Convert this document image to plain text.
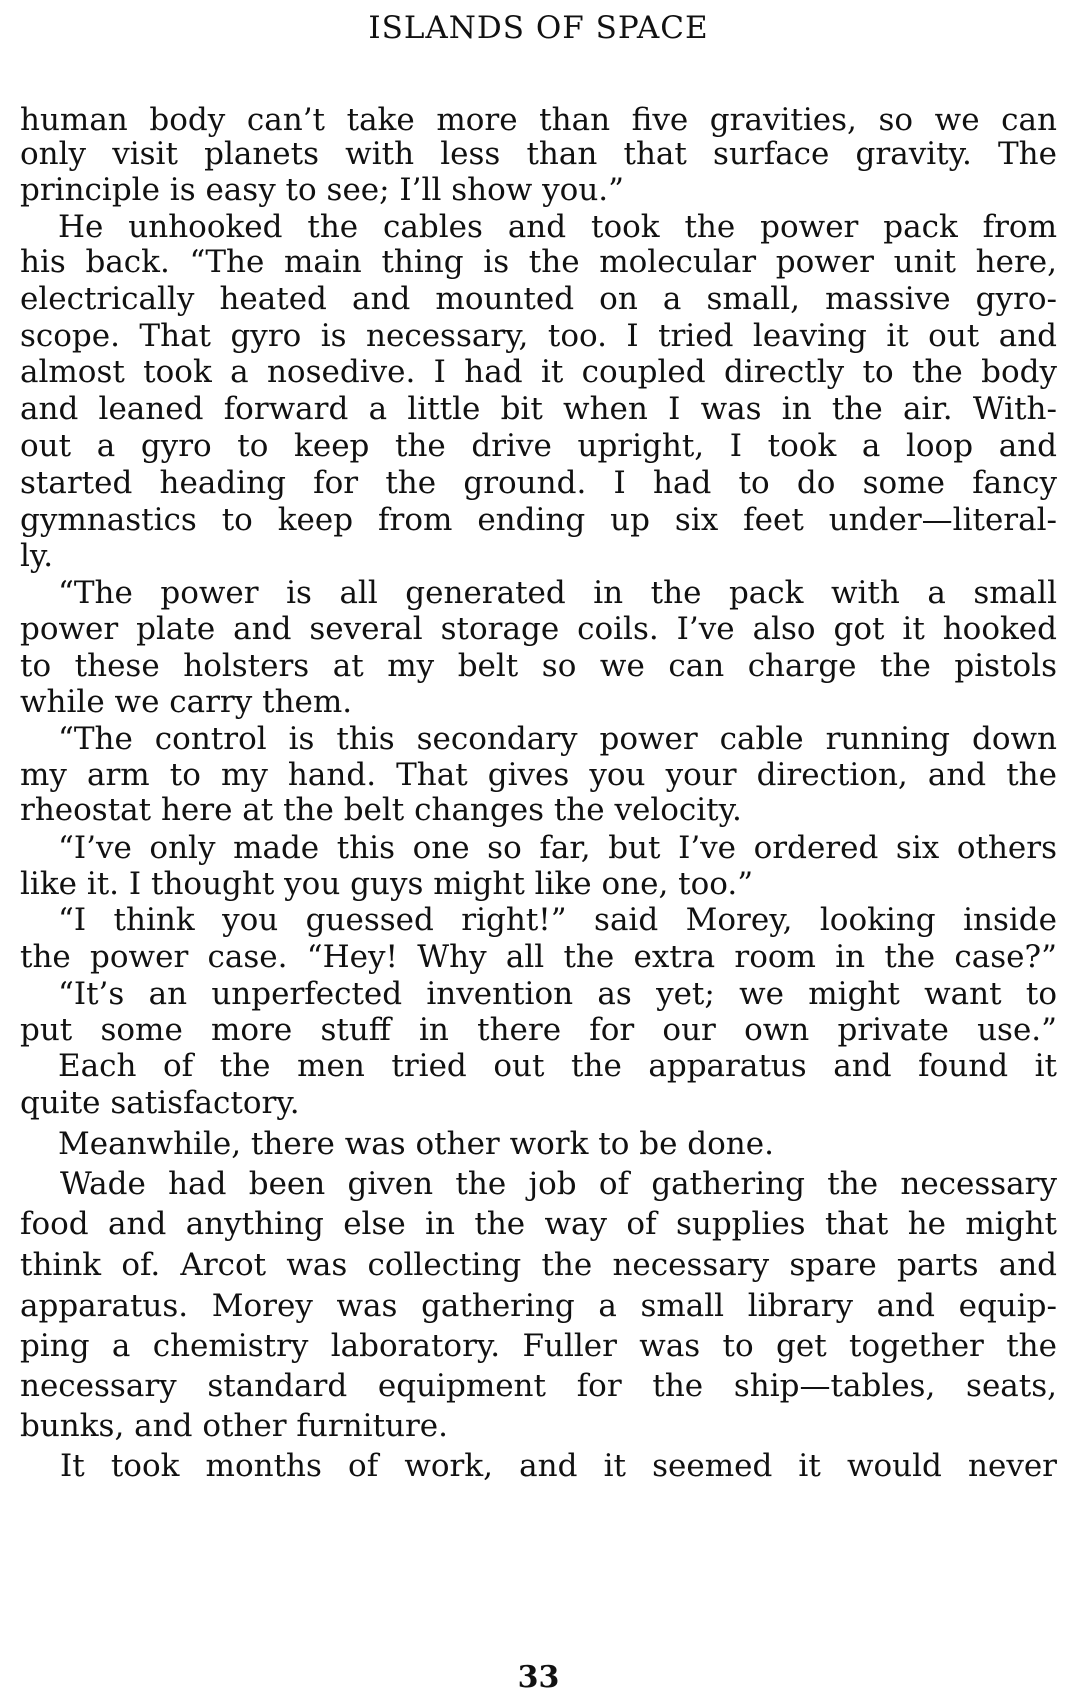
ISLANDS OF SPACE
human body can’t take more than five gravities, so we can
only visit planets with less than that surface gravity. The
principle is easy to see; I’ll show you.”
He unhooked the cables and took the power pack from
his back. “The main thing is the molecular power unit here,
electrically heated and mounted on a small, massive gyro-
scope. That gyro is necessary, too. I tried leaving it out and
almost took a nosedive. I had it coupled directly to the body
and leaned forward a little bit when I was in the air. With-
out a gyro to keep the drive upright, I took a loop and
started heading for the ground. I had to do some fancy
gymnastics to keep from ending up six feet under—literal-
ly.
“The power is all generated in the pack with a small
power plate and several storage coils. I’ve also got it hooked
to these holsters at my belt so we can charge the pistols
while we carry them.
“The control is this secondary power cable running down
my arm to my hand. That gives you your direction, and the
rheostat here at the belt changes the velocity.
“I’ve only made this one so far, but I’ve ordered six others
like it. I thought you guys might like one, too.”
“I think you guessed right!” said Morey, looking inside
the power case. “Hey! Why all the extra room in the case?”
“It’s an unperfected invention as yet; we might want to
put some more stuff in there for our own private use.”
Each of the men tried out the apparatus and found it
quite satisfactory.
Meanwhile, there was other work to be done.
Wade had been given the job of gathering the necessary
food and anything else in the way of supplies that he might
think of. Arcot was collecting the necessary spare parts and
apparatus. Morey was gathering a small library and equip-
ping a chemistry laboratory. Fuller was to get together the
necessary standard equipment for the ship—tables, seats,
bunks, and other furniture.
It took months of work, and it seemed it would never
33
